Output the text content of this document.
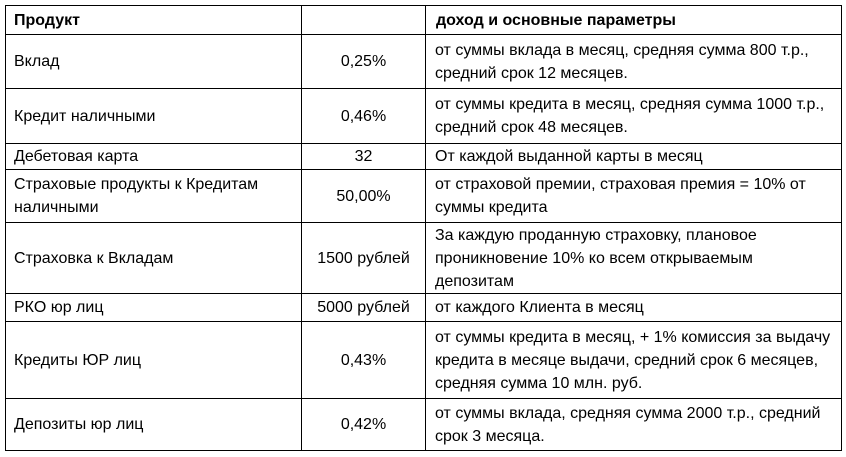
Продукт		доход и основные параметры
Вклад	0,25%	от суммы вклада в месяц, средняя сумма 800 т.р., средний срок 12 месяцев.
Кредит наличными	0,46%	от суммы кредита в месяц, средняя сумма 1000 т.р., средний срок 48 месяцев.
Дебетовая карта	32	От каждой выданной карты в месяц
Страховые продукты к Кредитам наличными	50,00%	от страховой премии, страховая премия = 10% от суммы кредита
Страховка к Вкладам	1500 рублей	За каждую проданную страховку, плановое проникновение 10% ко всем открываемым депозитам
РКО юр лиц	5000 рублей	от каждого Клиента в месяц
Кредиты ЮР лиц	0,43%	от суммы кредита в месяц, + 1% комиссия за выдачу кредита в месяце выдачи, средний срок 6 месяцев, средняя сумма 10 млн. руб.
Депозиты юр лиц	0,42%	от суммы вклада, средняя сумма 2000 т.р., средний срок 3 месяца.
